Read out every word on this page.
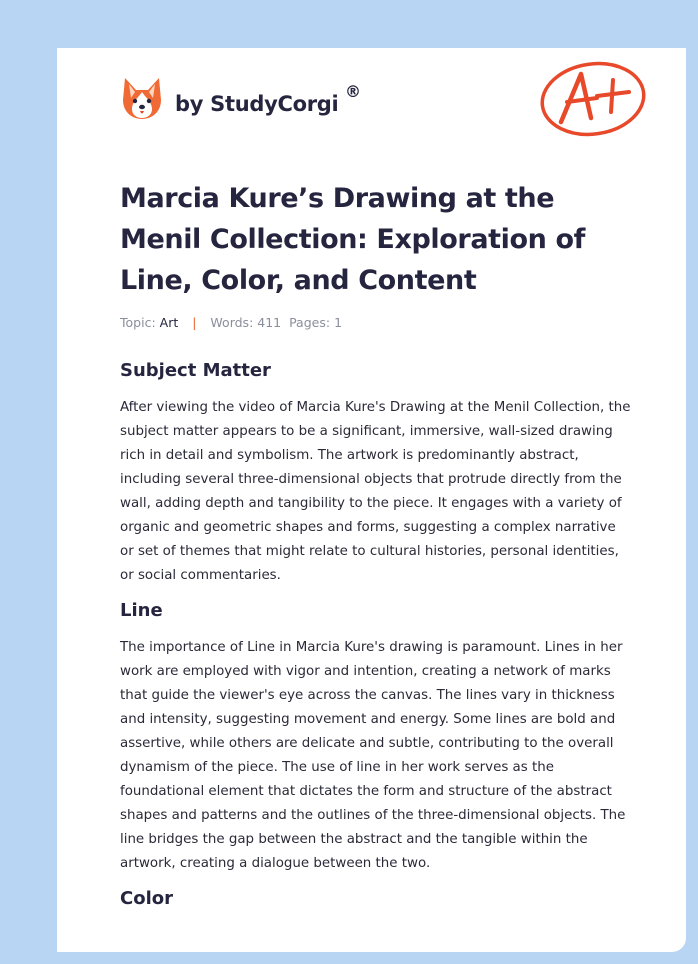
by StudyCorgi
®
Marcia Kure’s Drawing at the Menil Collection: Exploration of Line, Color, and Content
Topic: Art | Words: 411 Pages: 1
Subject Matter

After viewing the video of Marcia Kure's Drawing at the Menil Collection, the subject matter appears to be a significant, immersive, wall-sized drawing rich in detail and symbolism. The artwork is predominantly abstract, including several three-dimensional objects that protrude directly from the wall, adding depth and tangibility to the piece. It engages with a variety of organic and geometric shapes and forms, suggesting a complex narrative or set of themes that might relate to cultural histories, personal identities, or social commentaries.

Line

The importance of Line in Marcia Kure's drawing is paramount. Lines in her work are employed with vigor and intention, creating a network of marks that guide the viewer's eye across the canvas. The lines vary in thickness and intensity, suggesting movement and energy. Some lines are bold and assertive, while others are delicate and subtle, contributing to the overall dynamism of the piece. The use of line in her work serves as the foundational element that dictates the form and structure of the abstract shapes and patterns and the outlines of the three-dimensional objects. The line bridges the gap between the abstract and the tangible within the artwork, creating a dialogue between the two.

Color
